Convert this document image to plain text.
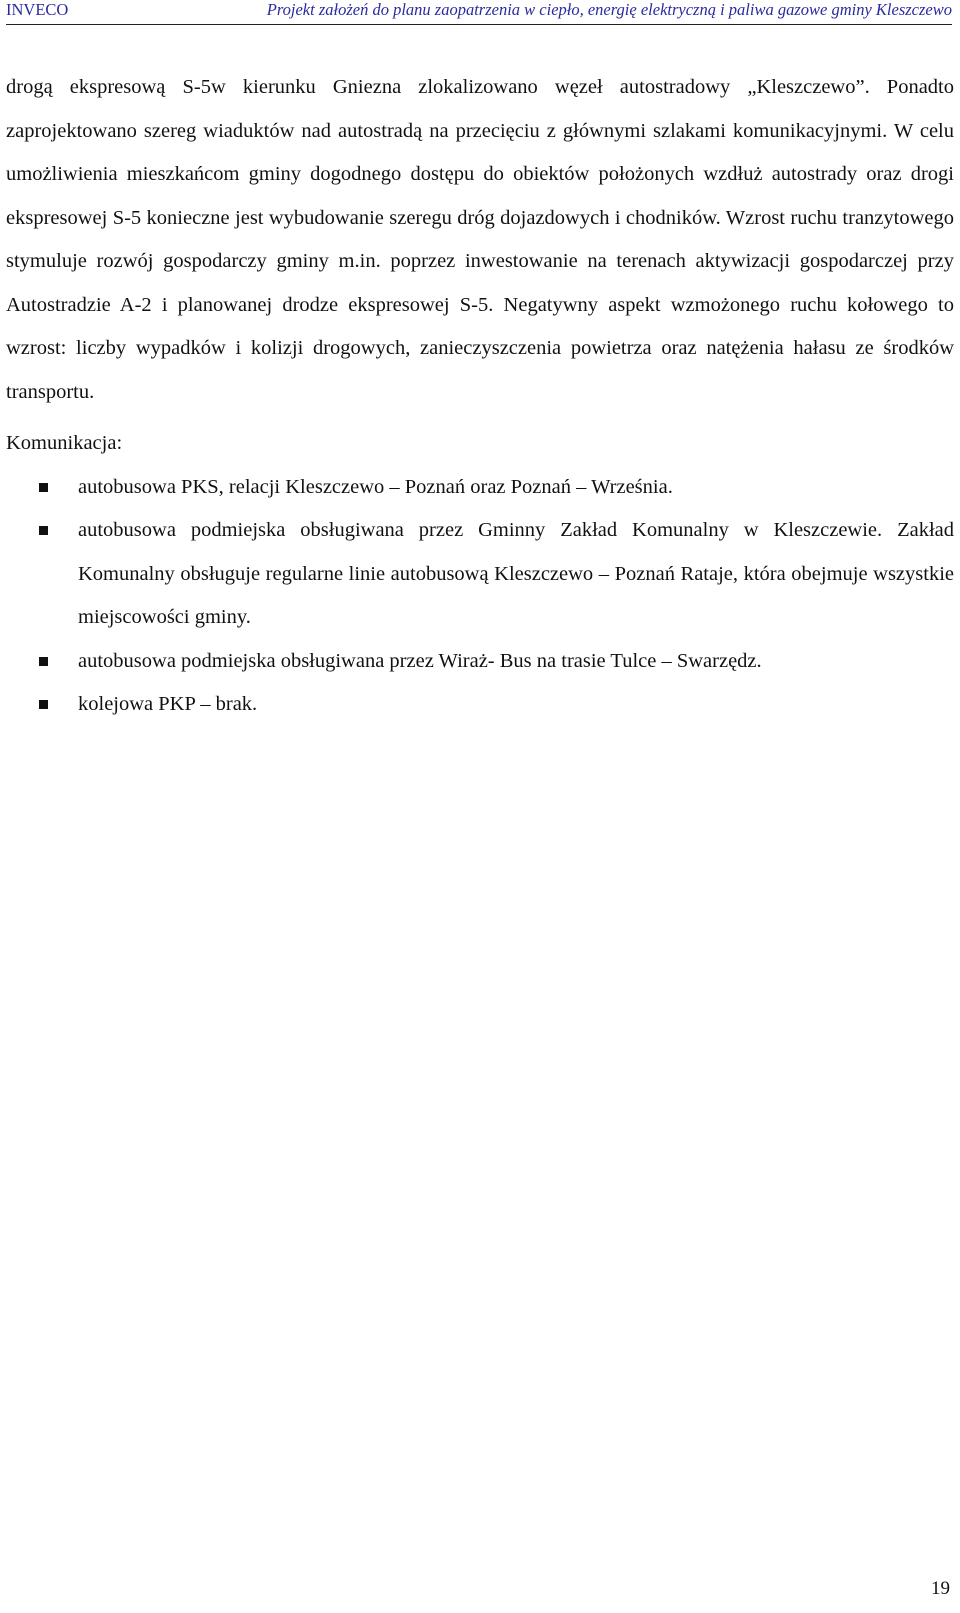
INVECO	Projekt założeń do planu zaopatrzenia w ciepło, energię elektryczną i paliwa gazowe gminy Kleszczewo

drogą ekspresową S-5w kierunku Gniezna zlokalizowano węzeł autostradowy „Kleszczewo”. Ponadto zaprojektowano szereg wiaduktów nad autostradą na przecięciu z głównymi szlakami komunikacyjnymi. W celu umożliwienia mieszkańcom gminy dogodnego dostępu do obiektów położonych wzdłuż autostrady oraz drogi ekspresowej S-5 konieczne jest wybudowanie szeregu dróg dojazdowych i chodników. Wzrost ruchu tranzytowego stymuluje rozwój gospodarczy gminy m.in. poprzez inwestowanie na terenach aktywizacji gospodarczej przy Autostradzie A-2 i planowanej drodze ekspresowej S-5. Negatywny aspekt wzmożonego ruchu kołowego to wzrost: liczby wypadków i kolizji drogowych, zanieczyszczenia powietrza oraz natężenia hałasu ze środków transportu.

Komunikacja:

autobusowa PKS, relacji Kleszczewo – Poznań oraz Poznań – Września.
autobusowa podmiejska obsługiwana przez Gminny Zakład Komunalny w Kleszczewie. Zakład Komunalny obsługuje regularne linie autobusową Kleszczewo – Poznań Rataje, która obejmuje wszystkie miejscowości gminy.
autobusowa podmiejska obsługiwana przez Wiraż- Bus na trasie Tulce – Swarzędz.
kolejowa PKP – brak.
19
